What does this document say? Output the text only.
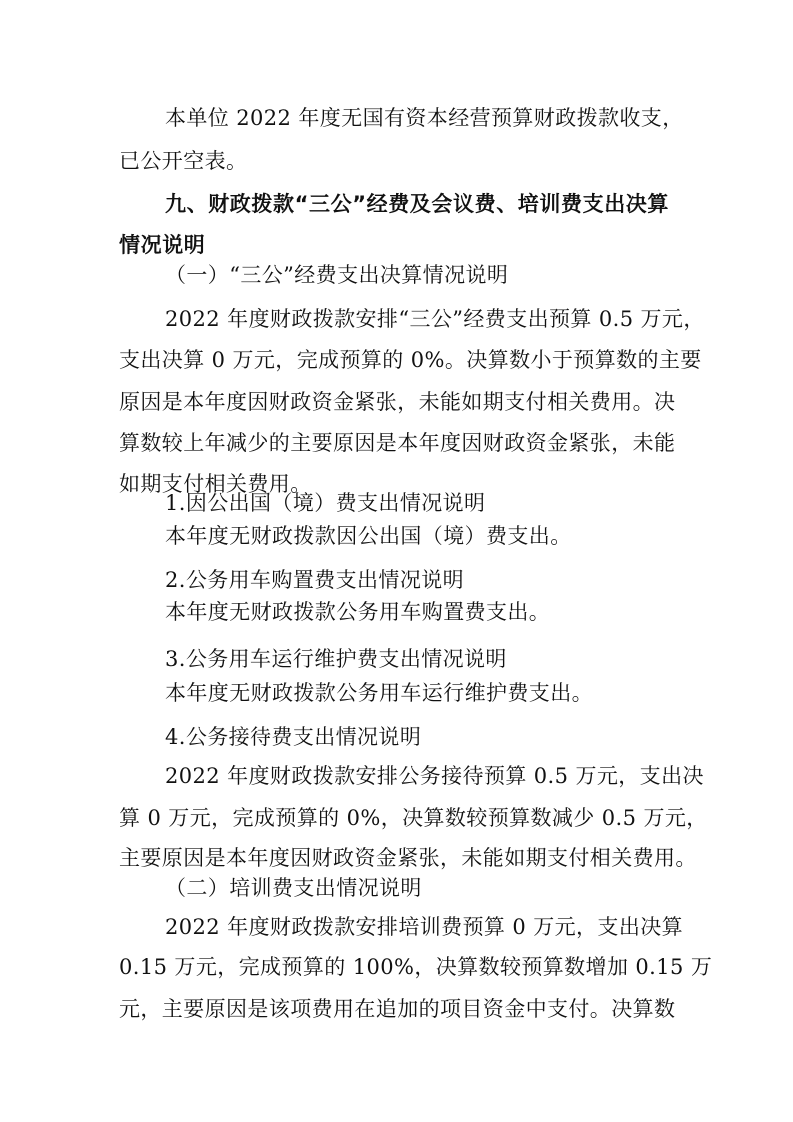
本单位 2022 年度无国有资本经营预算财政拨款收支，
已公开空表。
九、财政拨款“三公”经费及会议费、培训费支出决算
情况说明
（一）“三公”经费支出决算情况说明
2022 年度财政拨款安排“三公”经费支出预算 0.5 万元，
支出决算 0 万元，完成预算的 0%。决算数小于预算数的主要
原因是本年度因财政资金紧张，未能如期支付相关费用。决
算数较上年减少的主要原因是本年度因财政资金紧张，未能
如期支付相关费用。
1.因公出国（境）费支出情况说明
本年度无财政拨款因公出国（境）费支出。
2.公务用车购置费支出情况说明
本年度无财政拨款公务用车购置费支出。
3.公务用车运行维护费支出情况说明
本年度无财政拨款公务用车运行维护费支出。
4.公务接待费支出情况说明
2022 年度财政拨款安排公务接待预算 0.5 万元，支出决
算 0 万元，完成预算的 0%，决算数较预算数减少 0.5 万元，
主要原因是本年度因财政资金紧张，未能如期支付相关费用。
（二）培训费支出情况说明
2022 年度财政拨款安排培训费预算 0 万元，支出决算
0.15 万元，完成预算的 100%，决算数较预算数增加 0.15 万
元，主要原因是该项费用在追加的项目资金中支付。决算数
